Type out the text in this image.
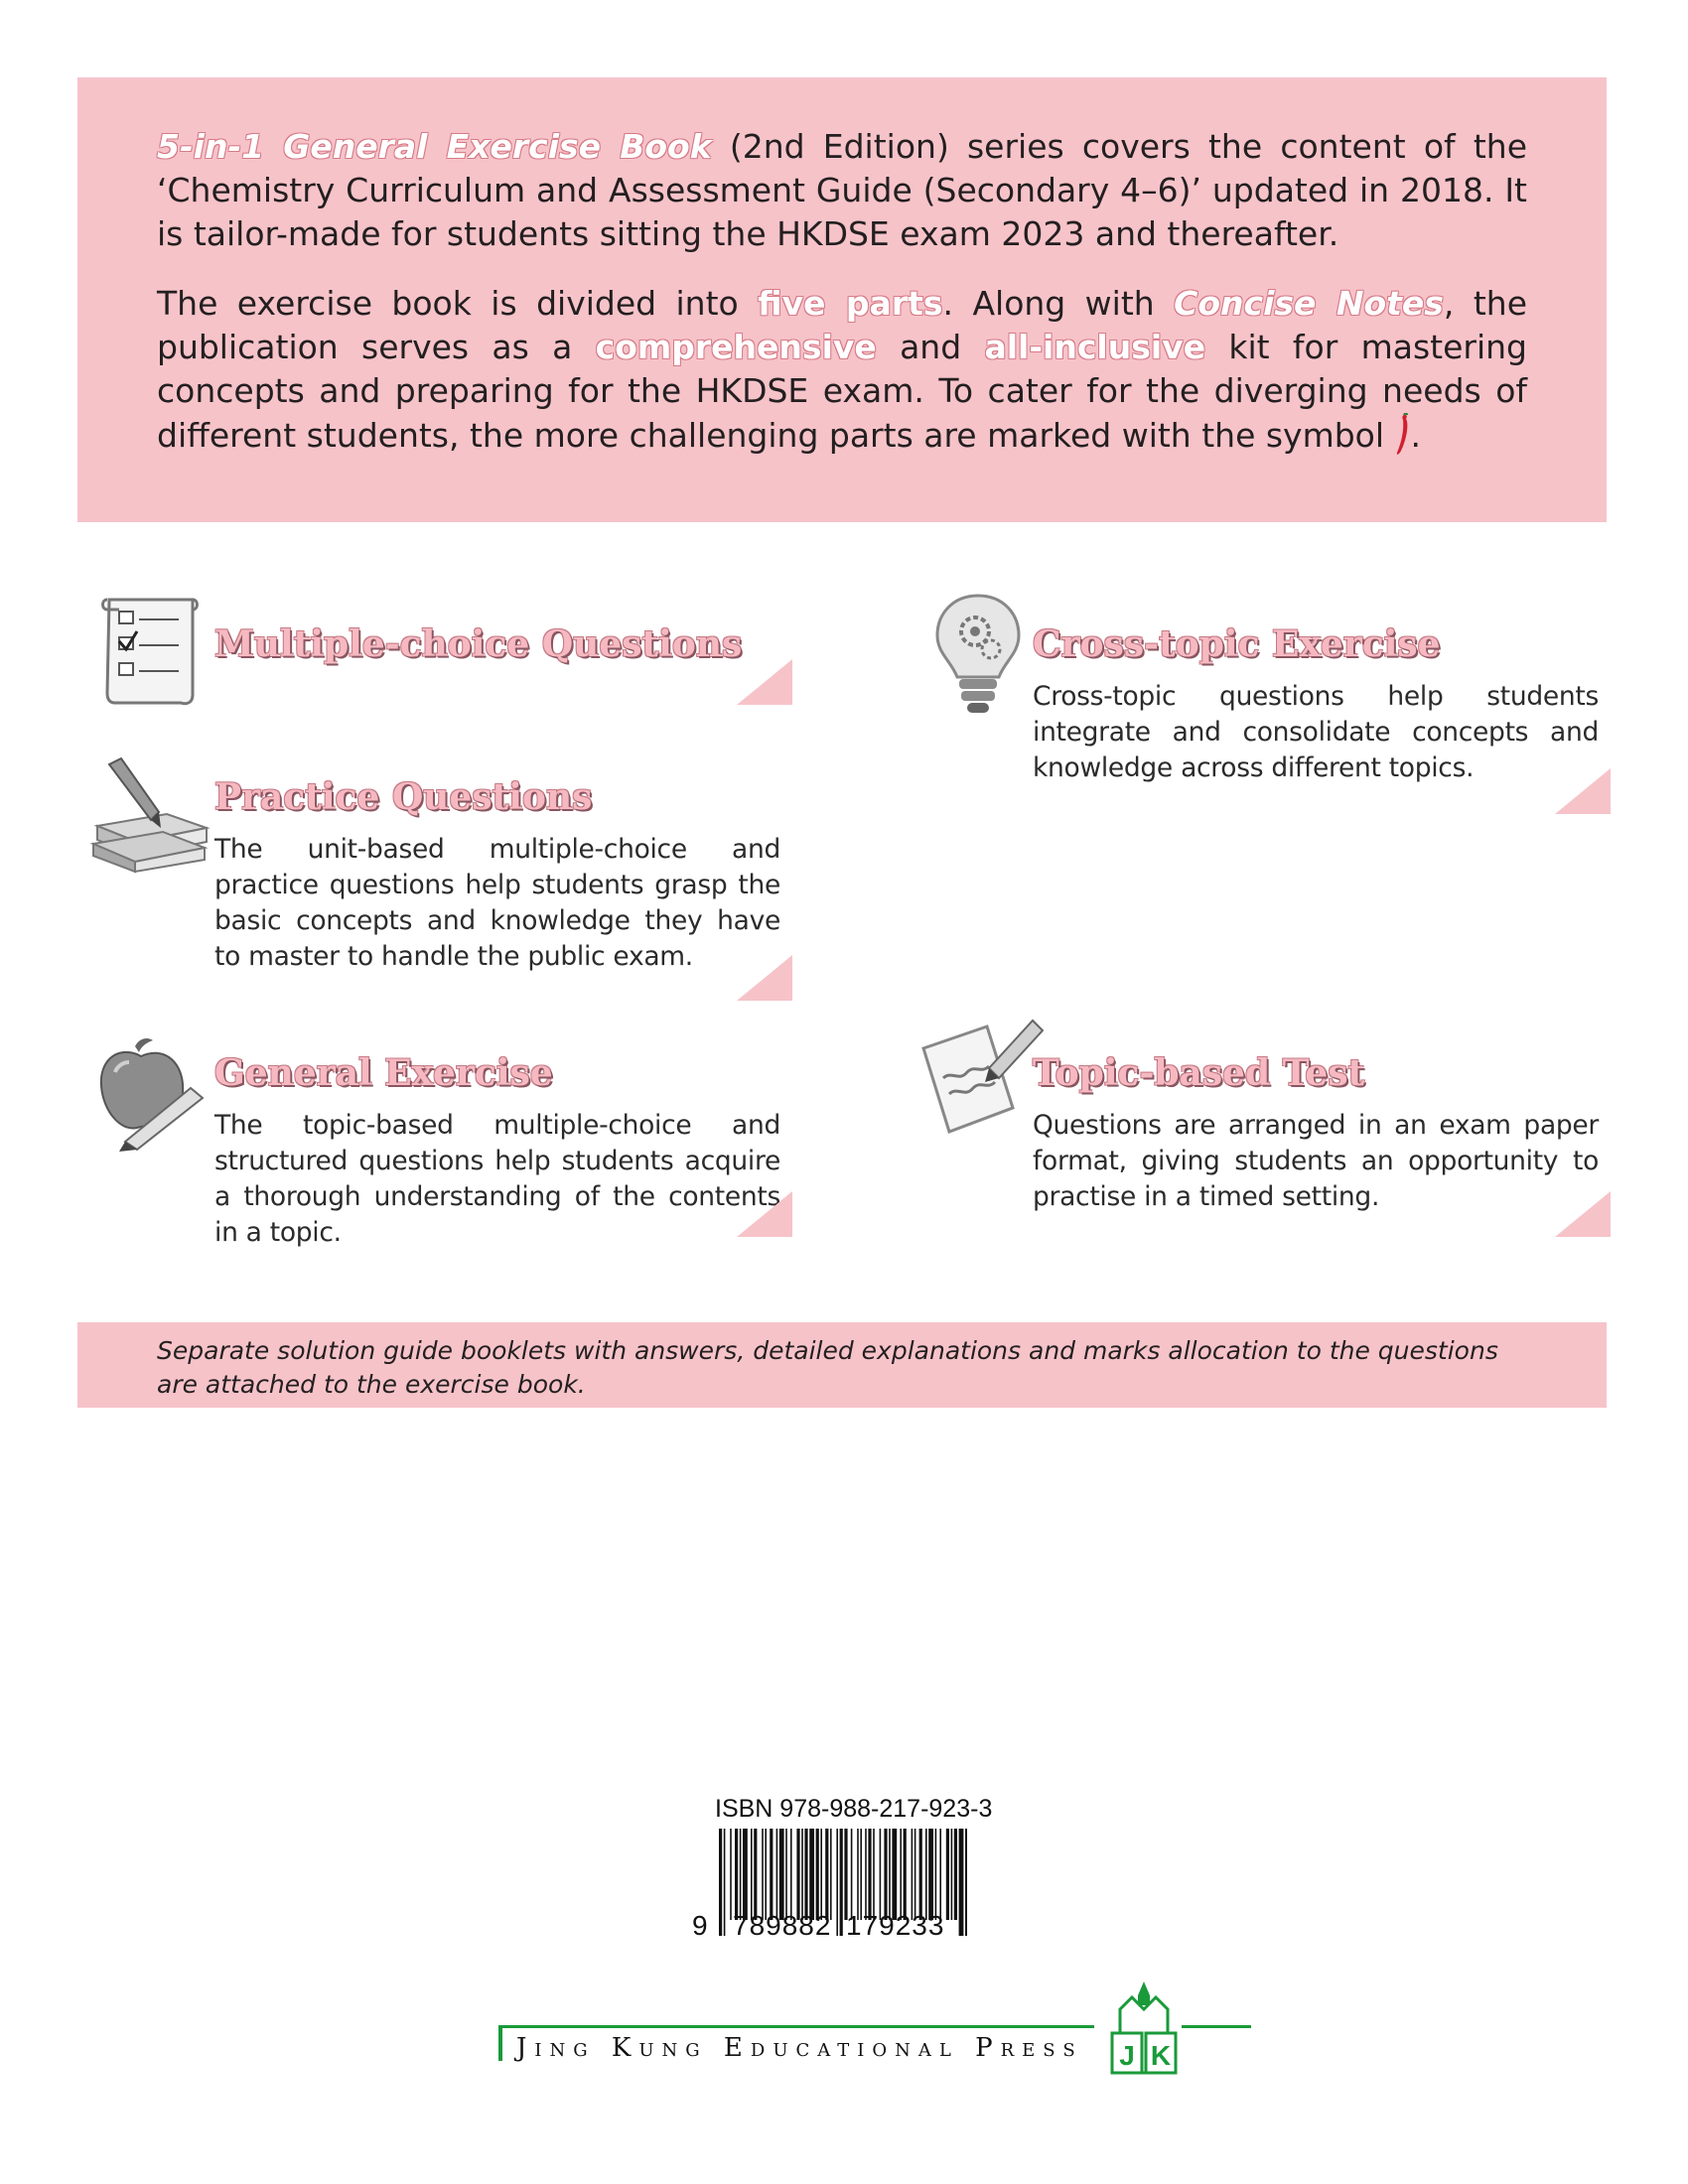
5-in-1 General Exercise Book (2nd Edition) series covers the content of the ‘Chemistry Curriculum and Assessment Guide (Secondary 4–6)’ updated in 2018. It is tailor-made for students sitting the HKDSE exam 2023 and thereafter.

The exercise book is divided into five parts. Along with Concise Notes, the publication serves as a comprehensive and all-inclusive kit for mastering concepts and preparing for the HKDSE exam. To cater for the diverging needs of different students, the more challenging parts are marked with the symbol .

Multiple-choice Questions
Practice Questions
The unit-based multiple-choice and practice questions help students grasp the basic concepts and knowledge they have to master to handle the public exam.
General Exercise
The topic-based multiple-choice and structured questions help students acquire a thorough understanding of the contents in a topic.
Cross-topic Exercise
Cross-topic questions help students integrate and consolidate concepts and knowledge across different topics.
Topic-based Test
Questions are arranged in an exam paper format, giving students an opportunity to practise in a timed setting.

Separate solution guide booklets with answers, detailed explanations and marks allocation to the questions are attached to the exercise book.

ISBN 978-988-217-923-3
9 789882 179233
Jing Kung Educational Press J K
